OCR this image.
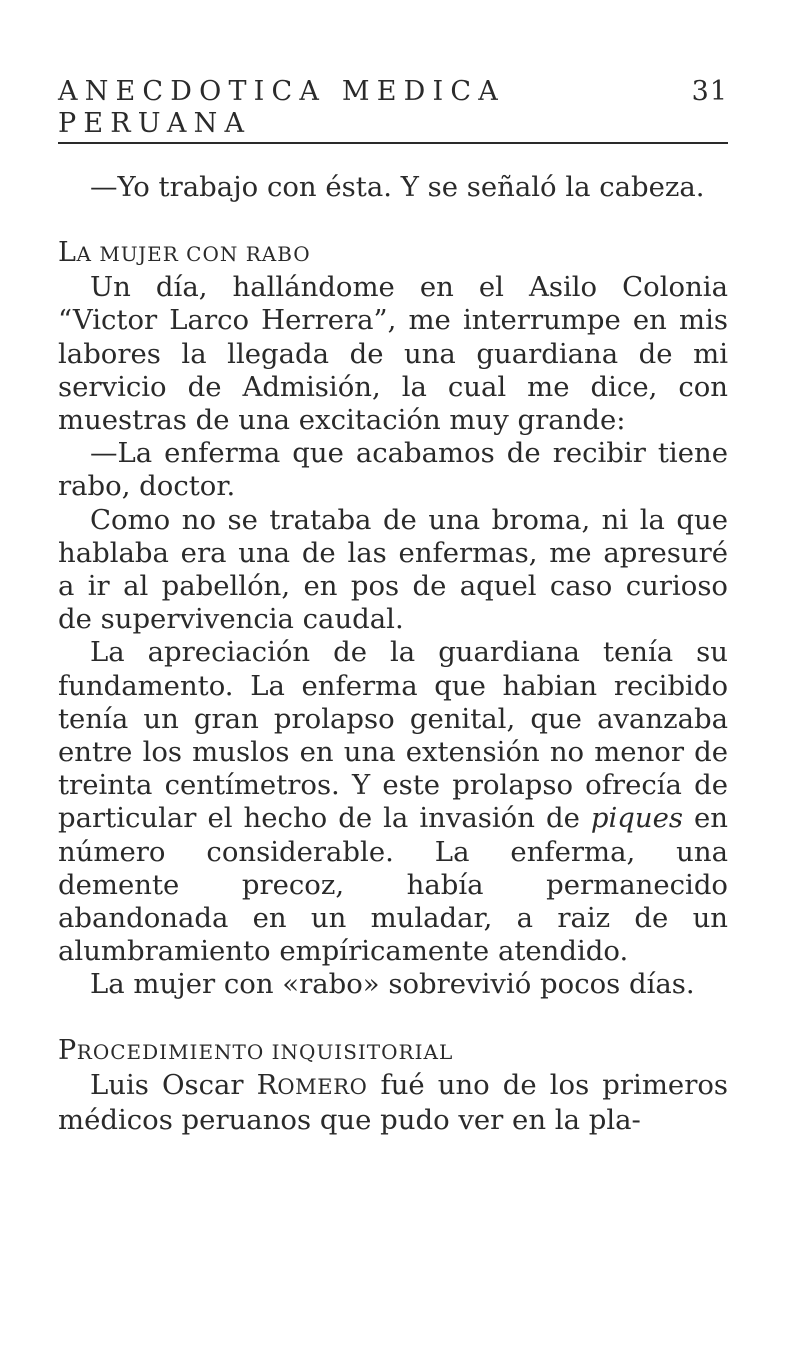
ANECDOTICA MEDICA PERUANA
31

—Yo trabajo con ésta. Y se señaló la cabeza.

LA MUJER CON RABO

Un día, hallándome en el Asilo Colonia “Victor Larco Herrera”, me interrumpe en mis labores la llegada de una guardiana de mi servicio de Admisión, la cual me dice, con muestras de una excitación muy grande:

—La enferma que acabamos de recibir tiene rabo, doctor.

Como no se trataba de una broma, ni la que hablaba era una de las enfermas, me apresuré a ir al pabellón, en pos de aquel caso curioso de supervivencia caudal.

La apreciación de la guardiana tenía su fundamento. La enferma que habian recibido tenía un gran prolapso genital, que avanzaba entre los muslos en una extensión no menor de treinta centímetros. Y este prolapso ofrecía de particular el hecho de la invasión de piques en número considerable. La enferma, una demente precoz, había permanecido abandonada en un muladar, a raiz de un alumbramiento empíricamente atendido.

La mujer con «rabo» sobrevivió pocos días.

PROCEDIMIENTO INQUISITORIAL

Luis Oscar ROMERO fué uno de los primeros médicos peruanos que pudo ver en la pla-
